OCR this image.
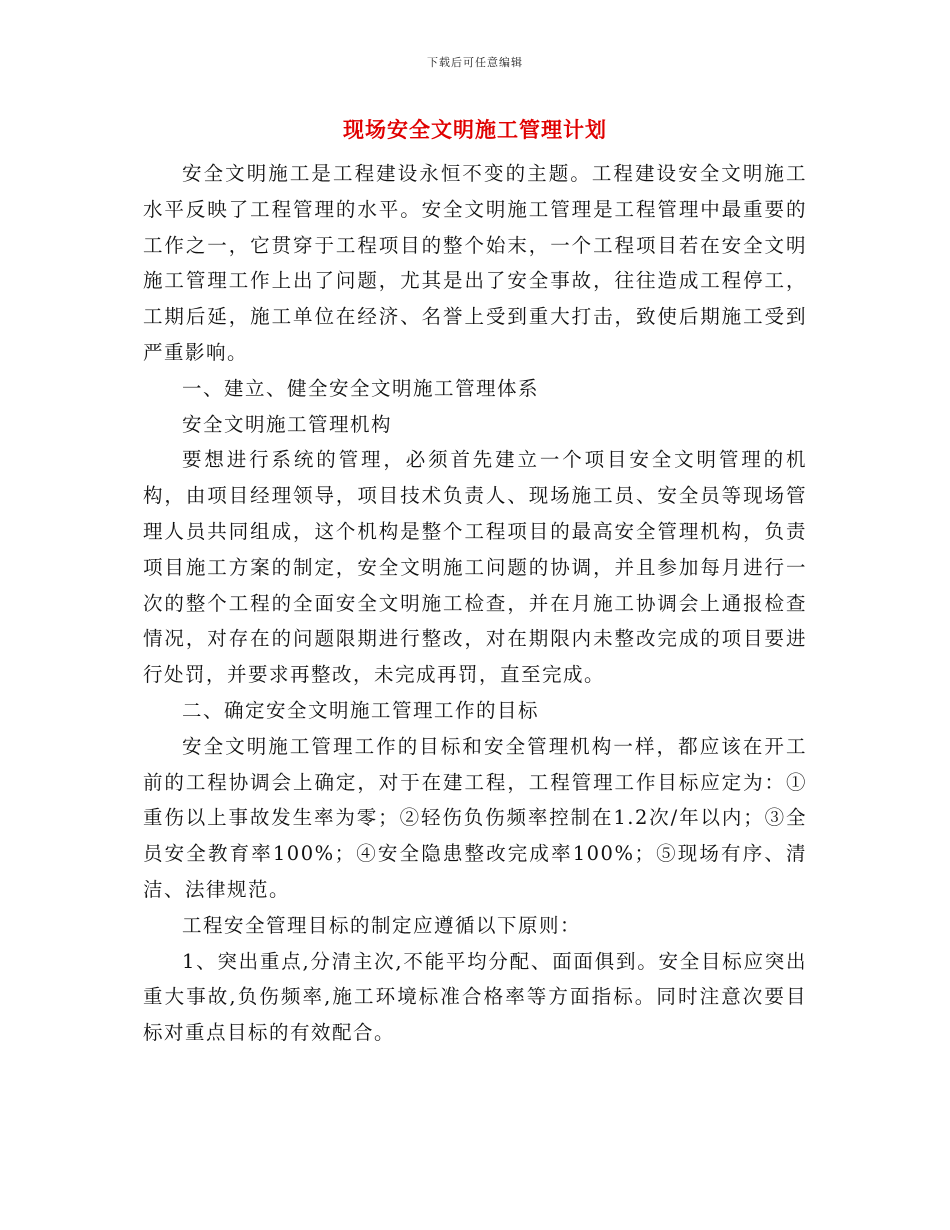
下载后可任意编辑
现场安全文明施工管理计划

安全文明施工是工程建设永恒不变的主题。工程建设安全文明施工水平反映了工程管理的水平。安全文明施工管理是工程管理中最重要的工作之一，它贯穿于工程项目的整个始末，一个工程项目若在安全文明施工管理工作上出了问题，尤其是出了安全事故，往往造成工程停工，工期后延，施工单位在经济、名誉上受到重大打击，致使后期施工受到严重影响。

一、建立、健全安全文明施工管理体系

安全文明施工管理机构

要想进行系统的管理，必须首先建立一个项目安全文明管理的机构，由项目经理领导，项目技术负责人、现场施工员、安全员等现场管理人员共同组成，这个机构是整个工程项目的最高安全管理机构，负责项目施工方案的制定，安全文明施工问题的协调，并且参加每月进行一次的整个工程的全面安全文明施工检查，并在月施工协调会上通报检查情况，对存在的问题限期进行整改，对在期限内未整改完成的项目要进行处罚，并要求再整改，未完成再罚，直至完成。

二、确定安全文明施工管理工作的目标

安全文明施工管理工作的目标和安全管理机构一样，都应该在开工前的工程协调会上确定，对于在建工程，工程管理工作目标应定为：①重伤以上事故发生率为零；②轻伤负伤频率控制在1.2次/年以内；③全员安全教育率100%；④安全隐患整改完成率100%；⑤现场有序、清洁、法律规范。

工程安全管理目标的制定应遵循以下原则：

1、突出重点,分清主次,不能平均分配、面面俱到。安全目标应突出重大事故,负伤频率,施工环境标准合格率等方面指标。同时注意次要目标对重点目标的有效配合。
